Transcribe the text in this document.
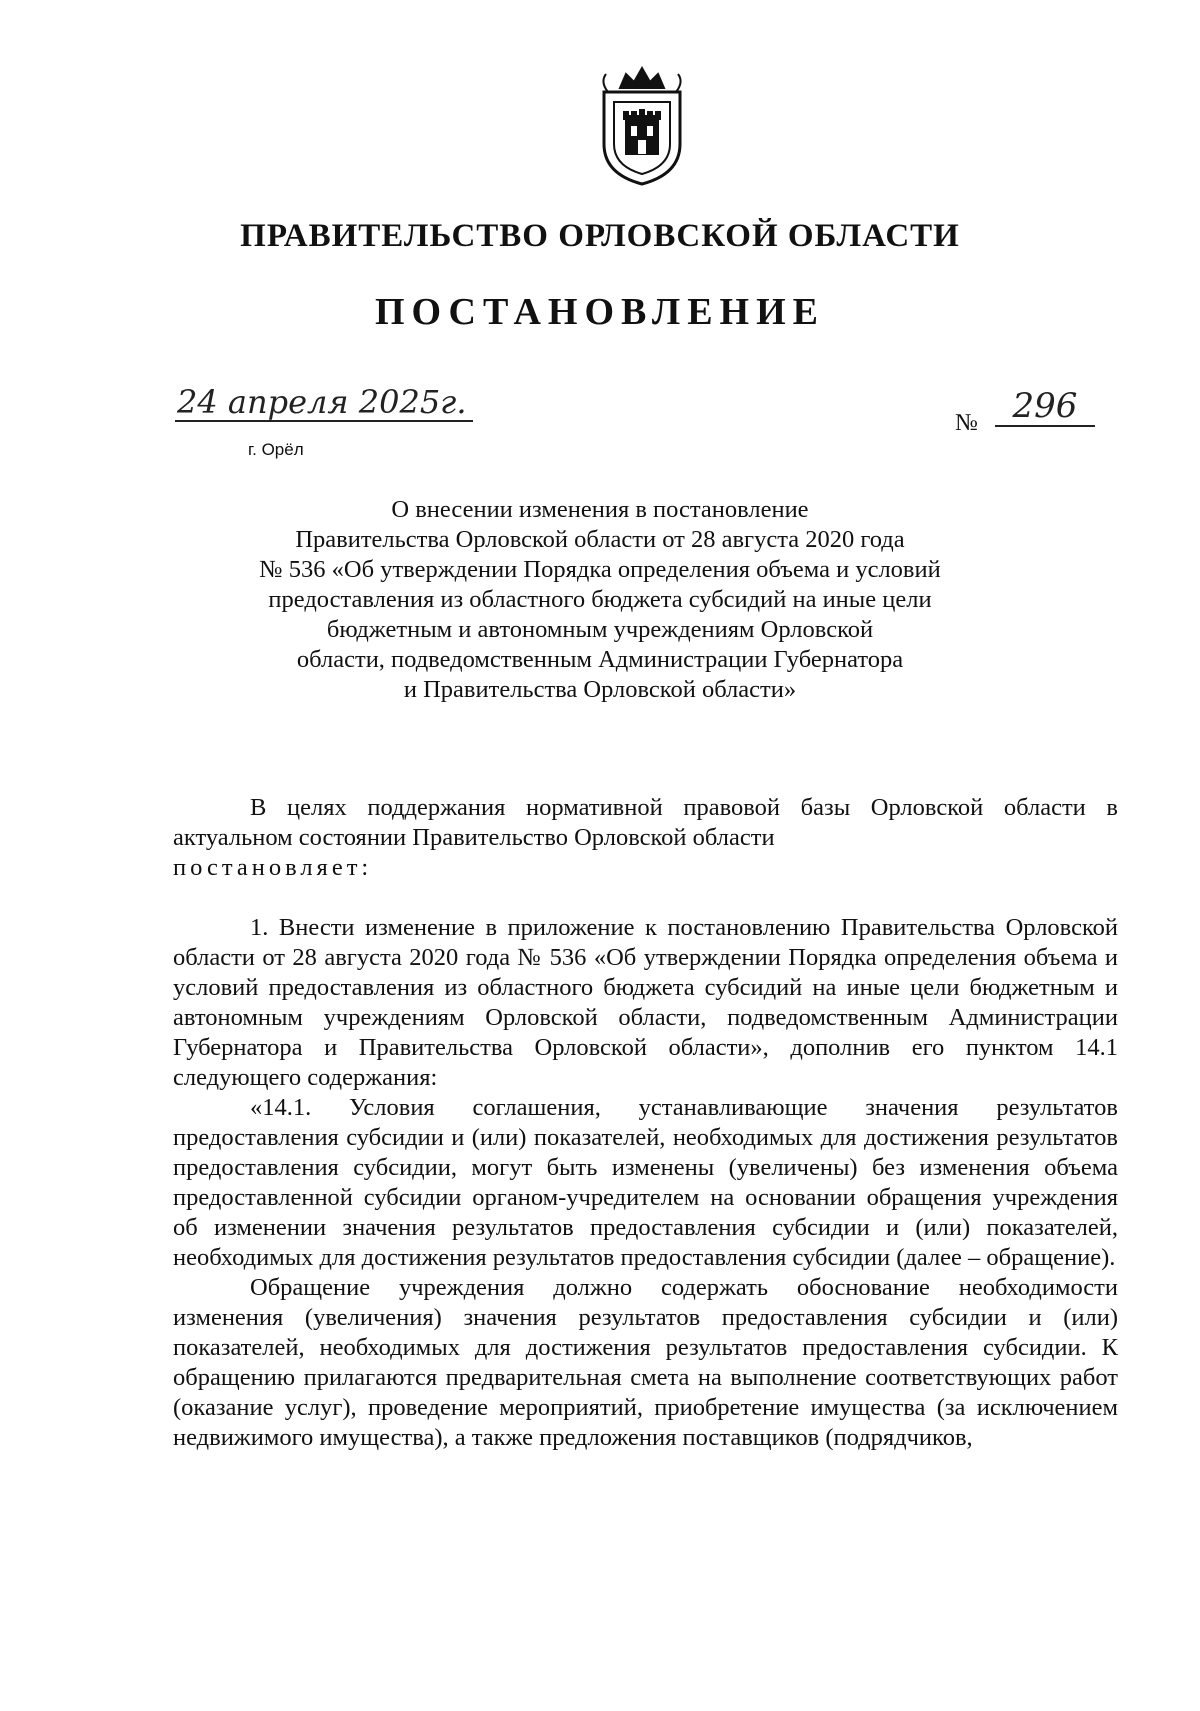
ПРАВИТЕЛЬСТВО ОРЛОВСКОЙ ОБЛАСТИ
ПОСТАНОВЛЕНИЕ
24 апреля 2025г.
г. Орёл
№	296
О внесении изменения в постановление
Правительства Орловской области от 28 августа 2020 года
№ 536 «Об утверждении Порядка определения объема и условий
предоставления из областного бюджета субсидий на иные цели
бюджетным и автономным учреждениям Орловской
области, подведомственным Администрации Губернатора
и Правительства Орловской области»

В целях поддержания нормативной правовой базы Орловской области в актуальном состоянии Правительство Орловской области

постановляет:

1. Внести изменение в приложение к постановлению Правительства Орловской области от 28 августа 2020 года № 536 «Об утверждении Порядка определения объема и условий предоставления из областного бюджета субсидий на иные цели бюджетным и автономным учреждениям Орловской области, подведомственным Администрации Губернатора и Правительства Орловской области», дополнив его пунктом 14.1 следующего содержания:

«14.1. Условия соглашения, устанавливающие значения результатов предоставления субсидии и (или) показателей, необходимых для достижения результатов предоставления субсидии, могут быть изменены (увеличены) без изменения объема предоставленной субсидии органом-учредителем на основании обращения учреждения об изменении значения результатов предоставления субсидии и (или) показателей, необходимых для достижения результатов предоставления субсидии (далее – обращение).

Обращение учреждения должно содержать обоснование необходимости изменения (увеличения) значения результатов предоставления субсидии и (или) показателей, необходимых для достижения результатов предоставления субсидии. К обращению прилагаются предварительная смета на выполнение соответствующих работ (оказание услуг), проведение мероприятий, приобретение имущества (за исключением недвижимого имущества), а также предложения поставщиков (подрядчиков,
